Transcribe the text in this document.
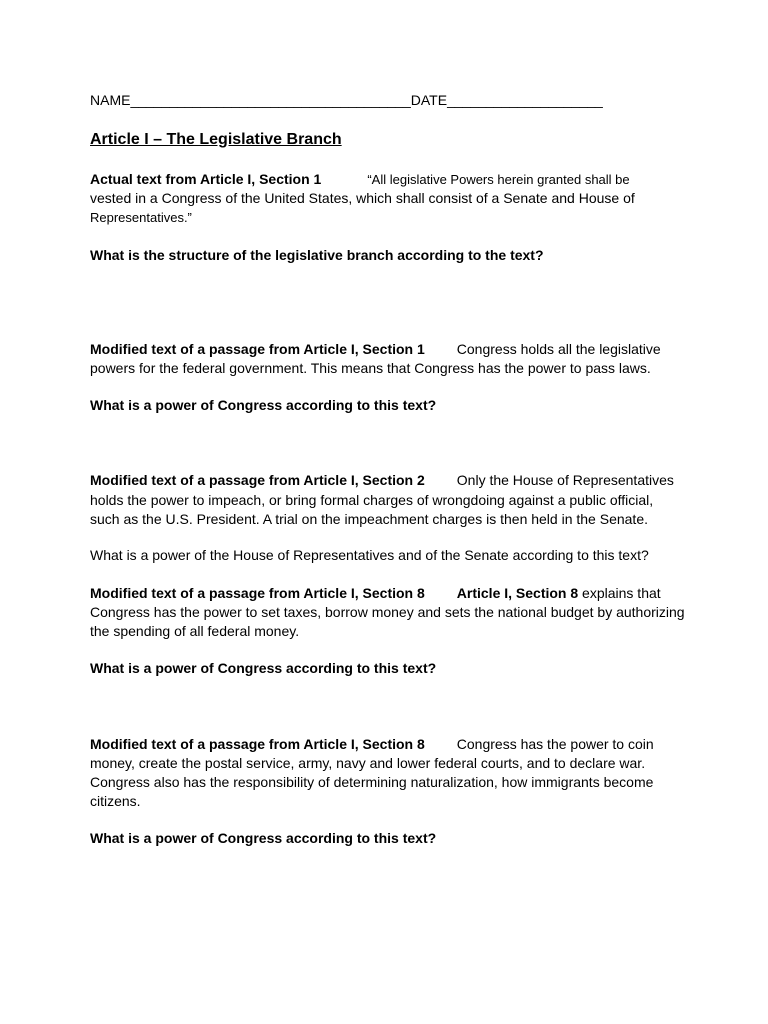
NAME____________________________________DATE____________________
Article I – The Legislative Branch
Actual text from Article I, Section 1	“All legislative Powers herein granted shall be
vested in a Congress of the United States, which shall consist of a Senate and House of
Representatives.”
What is the structure of the legislative branch according to the text?
Modified text of a passage from Article I, Section 1 Congress holds all the legislative
powers for the federal government. This means that Congress has the power to pass laws.
What is a power of Congress according to this text?
Modified text of a passage from Article I, Section 2 Only the House of Representatives
holds the power to impeach, or bring formal charges of wrongdoing against a public official,
such as the U.S. President. A trial on the impeachment charges is then held in the Senate.
What is a power of the House of Representatives and of the Senate according to this text?
Modified text of a passage from Article I, Section 8 Article I, Section 8 explains that
Congress has the power to set taxes, borrow money and sets the national budget by authorizing
the spending of all federal money.
What is a power of Congress according to this text?
Modified text of a passage from Article I, Section 8 Congress has the power to coin
money, create the postal service, army, navy and lower federal courts, and to declare war.
Congress also has the responsibility of determining naturalization, how immigrants become
citizens.
What is a power of Congress according to this text?
